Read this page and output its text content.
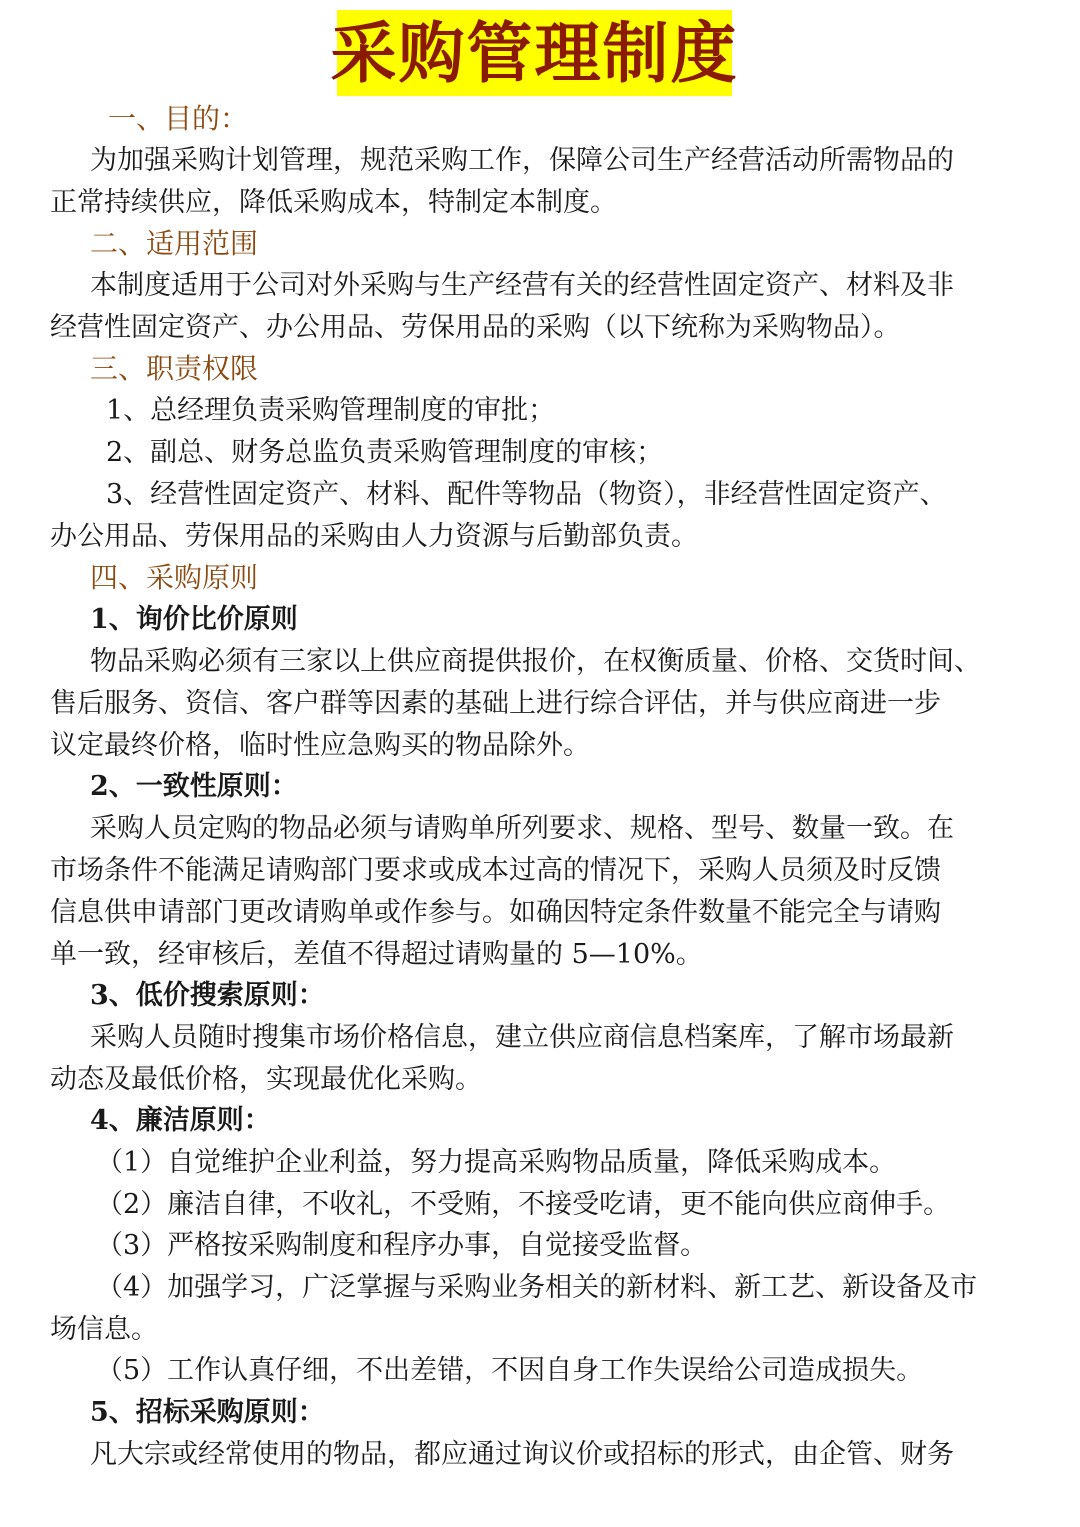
采购管理制度
一、目的：
为加强采购计划管理，规范采购工作，保障公司生产经营活动所需物品的
正常持续供应，降低采购成本，特制定本制度。
二、适用范围
本制度适用于公司对外采购与生产经营有关的经营性固定资产、材料及非
经营性固定资产、办公用品、劳保用品的采购（以下统称为采购物品）。
三、职责权限
1、总经理负责采购管理制度的审批；
2、副总、财务总监负责采购管理制度的审核；
3、经营性固定资产、材料、配件等物品（物资），非经营性固定资产、
办公用品、劳保用品的采购由人力资源与后勤部负责。
四、采购原则
1、询价比价原则
物品采购必须有三家以上供应商提供报价，在权衡质量、价格、交货时间、
售后服务、资信、客户群等因素的基础上进行综合评估，并与供应商进一步
议定最终价格，临时性应急购买的物品除外。
2、一致性原则：
采购人员定购的物品必须与请购单所列要求、规格、型号、数量一致。在
市场条件不能满足请购部门要求或成本过高的情况下，采购人员须及时反馈
信息供申请部门更改请购单或作参与。如确因特定条件数量不能完全与请购
单一致，经审核后，差值不得超过请购量的 5—10%。
3、低价搜索原则：
采购人员随时搜集市场价格信息，建立供应商信息档案库，了解市场最新
动态及最低价格，实现最优化采购。
4、廉洁原则：
（1）自觉维护企业利益，努力提高采购物品质量，降低采购成本。
（2）廉洁自律，不收礼，不受贿，不接受吃请，更不能向供应商伸手。
（3）严格按采购制度和程序办事，自觉接受监督。
（4）加强学习，广泛掌握与采购业务相关的新材料、新工艺、新设备及市
场信息。
（5）工作认真仔细，不出差错，不因自身工作失误给公司造成损失。
5、招标采购原则：
凡大宗或经常使用的物品，都应通过询议价或招标的形式，由企管、财务
